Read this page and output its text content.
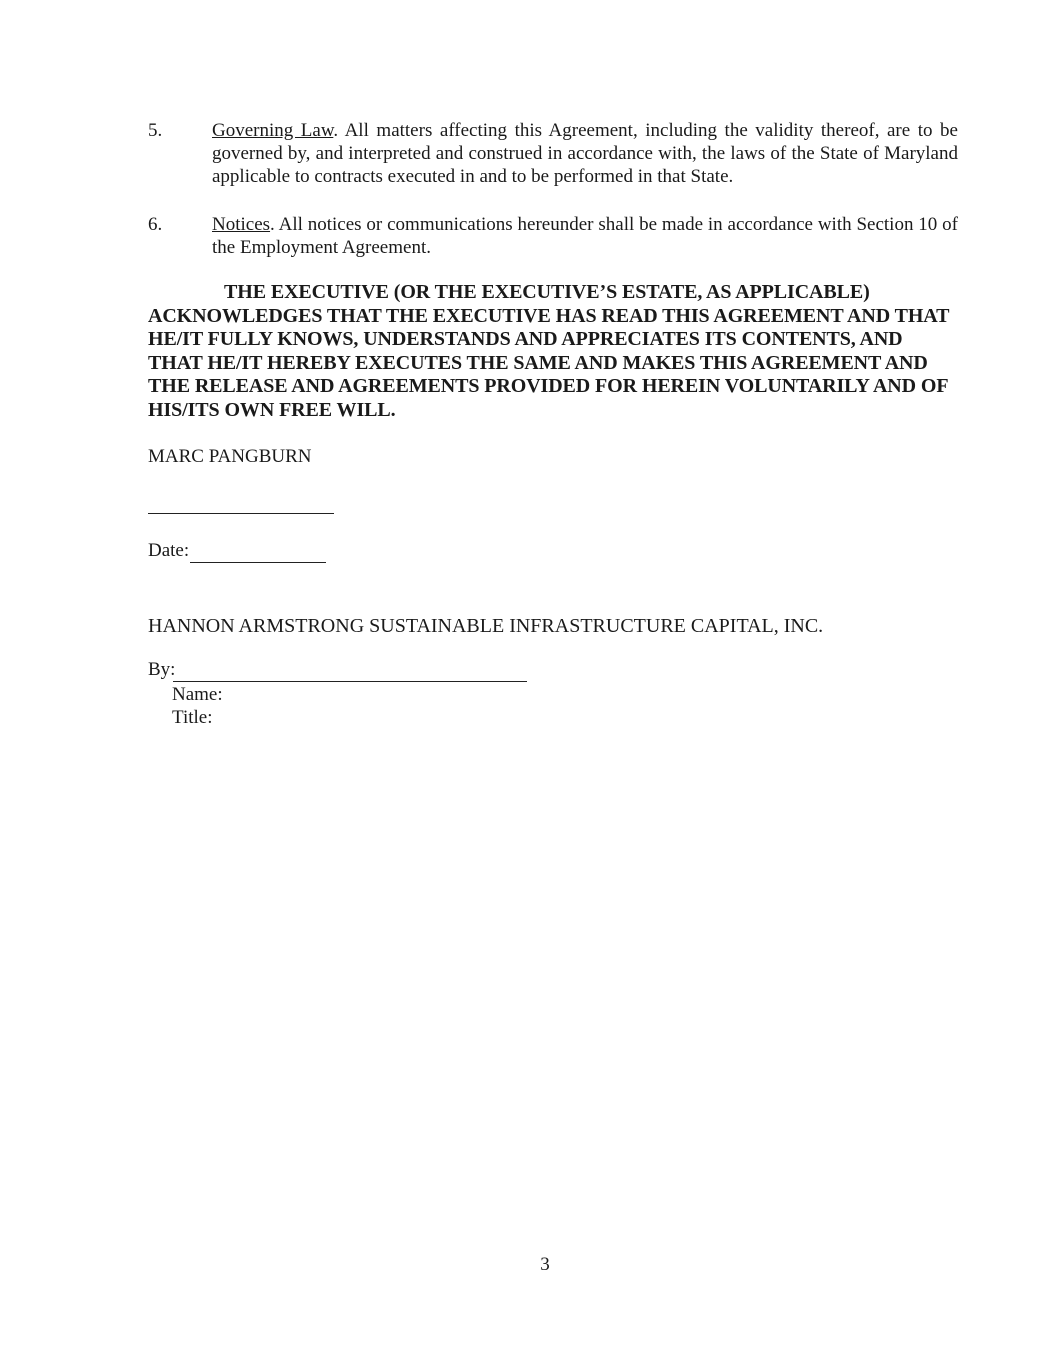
5.	Governing Law. All matters affecting this Agreement, including the validity thereof, are to be governed by, and interpreted and construed in accordance with, the laws of the State of Maryland applicable to contracts executed in and to be performed in that State.
6.	Notices. All notices or communications hereunder shall be made in accordance with Section 10 of the Employment Agreement.
THE EXECUTIVE (OR THE EXECUTIVE’S ESTATE, AS APPLICABLE) ACKNOWLEDGES THAT THE EXECUTIVE HAS READ THIS AGREEMENT AND THAT HE/IT FULLY KNOWS, UNDERSTANDS AND APPRECIATES ITS CONTENTS, AND THAT HE/IT HEREBY EXECUTES THE SAME AND MAKES THIS AGREEMENT AND THE RELEASE AND AGREEMENTS PROVIDED FOR HEREIN VOLUNTARILY AND OF HIS/ITS OWN FREE WILL.
MARC PANGBURN
Date:
HANNON ARMSTRONG SUSTAINABLE INFRASTRUCTURE CAPITAL, INC.
By:
Name:
Title:
3
